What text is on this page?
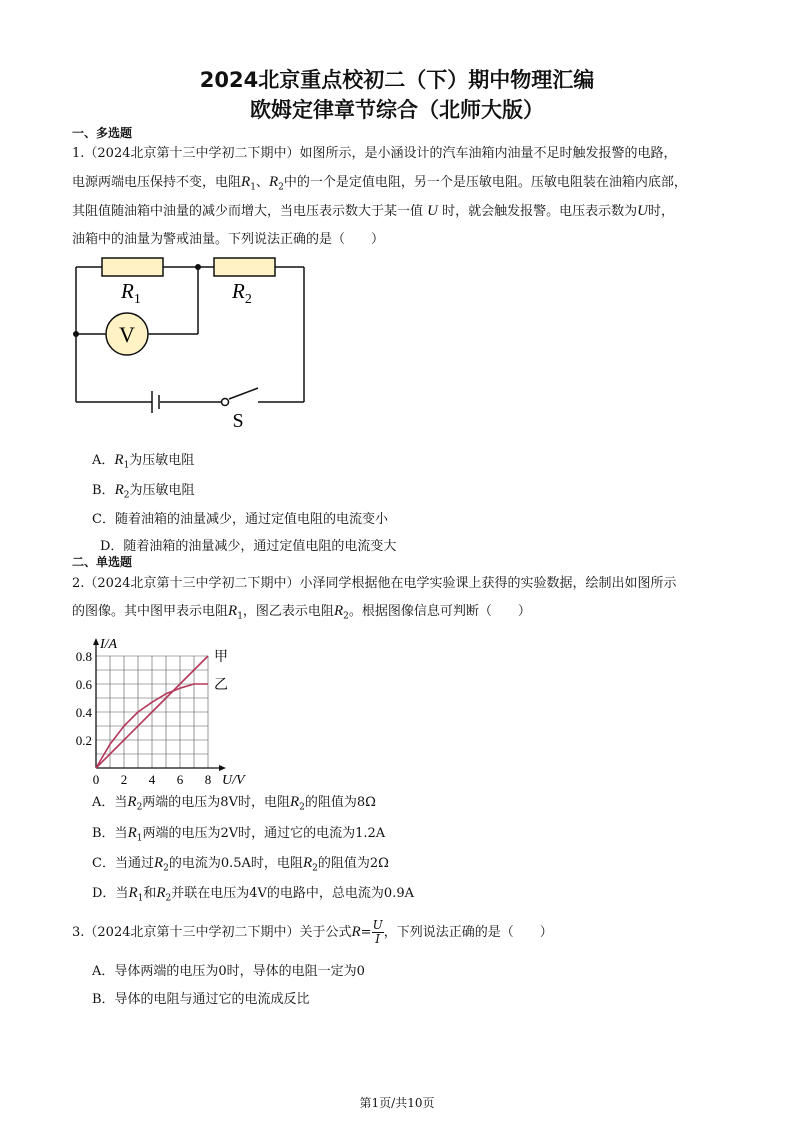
2024北京重点校初二（下）期中物理汇编
欧姆定律章节综合（北师大版）
一、多选题
1.（2024北京第十三中学初二下期中）如图所示，是小涵设计的汽车油箱内油量不足时触发报警的电路，
电源两端电压保持不变，电阻$R_1$、$R_2$中的一个是定值电阻，另一个是压敏电阻。压敏电阻装在油箱内底部，
其阻值随油箱中油量的减少而增大，当电压表示数大于某一值 U 时，就会触发报警。电压表示数为U时，
油箱中的油量为警戒油量。下列说法正确的是（　　）
$R_1$	$R_2$
V
S
A．$R_1$为压敏电阻
B．$R_2$为压敏电阻
C．随着油箱的油量减少，通过定值电阻的电流变小
D．随着油箱的油量减少，通过定值电阻的电流变大
二、单选题
2.（2024北京第十三中学初二下期中）小泽同学根据他在电学实验课上获得的实验数据，绘制出如图所示
的图像。其中图甲表示电阻$R_1$，图乙表示电阻$R_2$。根据图像信息可判断（　　）
甲
乙
0 2 4 6 8
0.2
0.4
0.6
0.8
U/V
I/A
A．当$R_2$两端的电压为8V时，电阻$R_2$的阻值为8Ω
B．当$R_1$两端的电压为2V时，通过它的电流为1.2A
C．当通过$R_2$的电流为0.5A时，电阻$R_2$的阻值为2Ω
D．当$R_1$和$R_2$并联在电压为4V的电路中，总电流为0.9A
3.（2024北京第十三中学初二下期中）关于公式$R= \frac{U}{I}$ ，下列说法正确的是（　　）
A．导体两端的电压为0时，导体的电阻一定为0
B．导体的电阻与通过它的电流成反比
第1页/共10页
